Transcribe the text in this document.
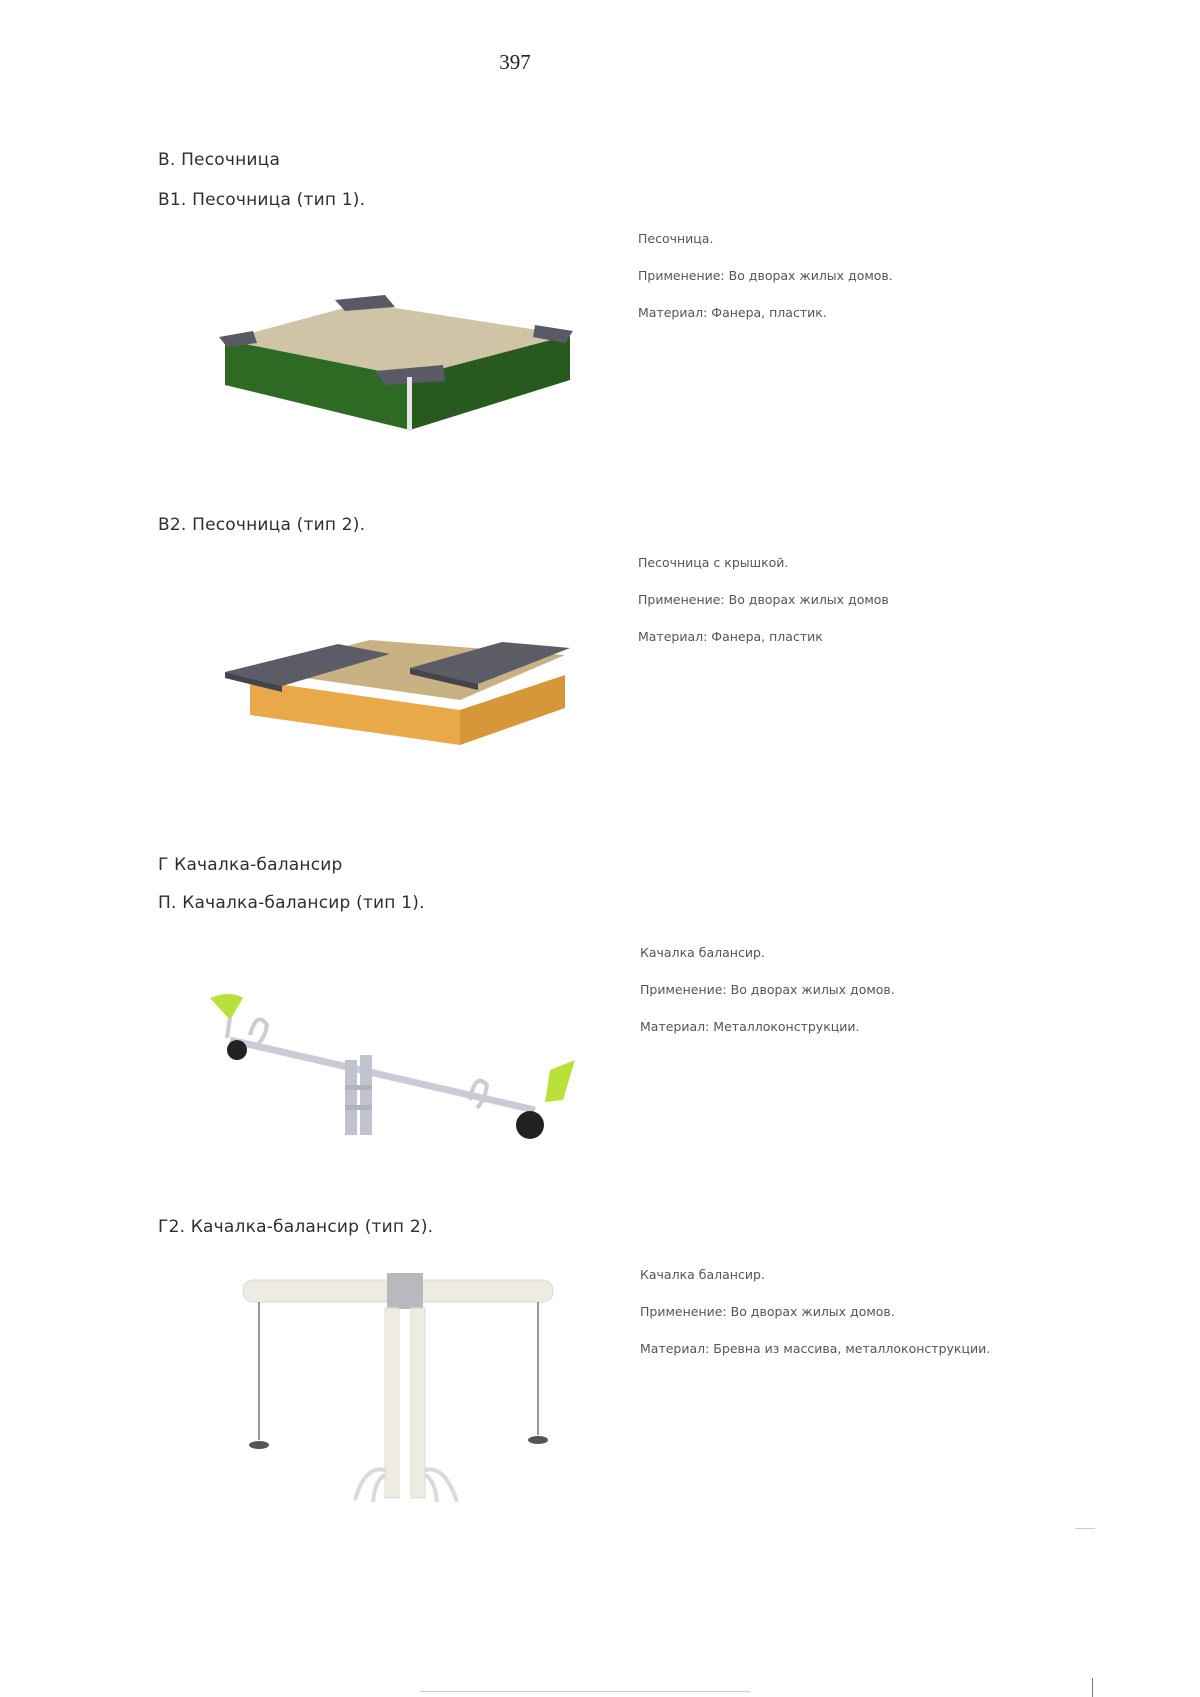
397
В. Песочница
В1. Песочница (тип 1).

Песочница.

Применение: Во дворах жилых домов.

Материал: Фанера, пластик.

В2. Песочница (тип 2).

Песочница с крышкой.

Применение: Во дворах жилых домов

Материал: Фанера, пластик

Г Качалка-балансир
П. Качалка-балансир (тип 1).

Качалка балансир.

Применение: Во дворах жилых домов.

Материал: Металлоконструкции.

Г2. Качалка-балансир (тип 2).

Качалка балансир.

Применение: Во дворах жилых домов.

Материал: Бревна из массива, металлоконструкции.
